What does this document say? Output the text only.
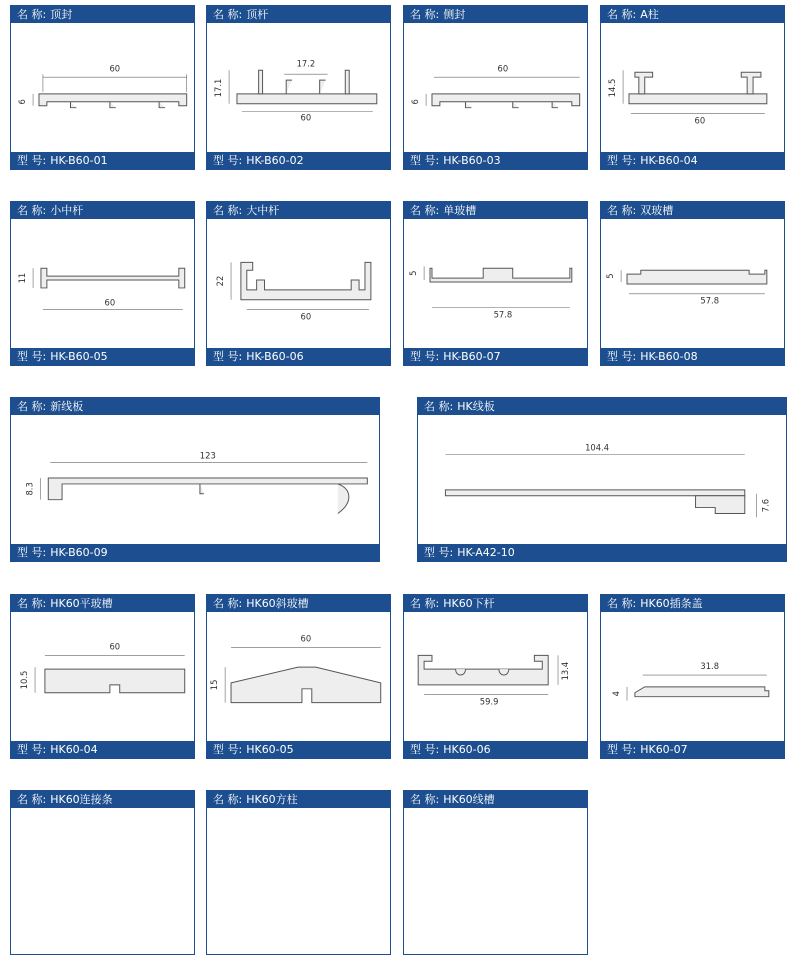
名 称: 顶封
60
6
型 号: HK-B60-01
名 称: 顶杆
17.2
17.1
60
型 号: HK-B60-02
名 称: 侧封
60
6
型 号: HK-B60-03
名 称: A柱
14.5
60
型 号: HK-B60-04
名 称: 小中杆
11
60
型 号: HK-B60-05
名 称: 大中杆
22
60
型 号: HK-B60-06
名 称: 单玻槽
5
57.8
型 号: HK-B60-07
名 称: 双玻槽
5
57.8
型 号: HK-B60-08
名 称: 新线板
123
8.3
型 号: HK-B60-09
名 称: HK线板
104.4
7.6
型 号: HK-A42-10
名 称: HK60平玻槽
60
10.5
型 号: HK60-04
名 称: HK60斜玻槽
60
15
型 号: HK60-05
名 称: HK60下杆
13.4
59.9
型 号: HK60-06
名 称: HK60插条盖
31.8
4
型 号: HK60-07
名 称: HK60连接条	名 称: HK60方柱	名 称: HK60线槽
